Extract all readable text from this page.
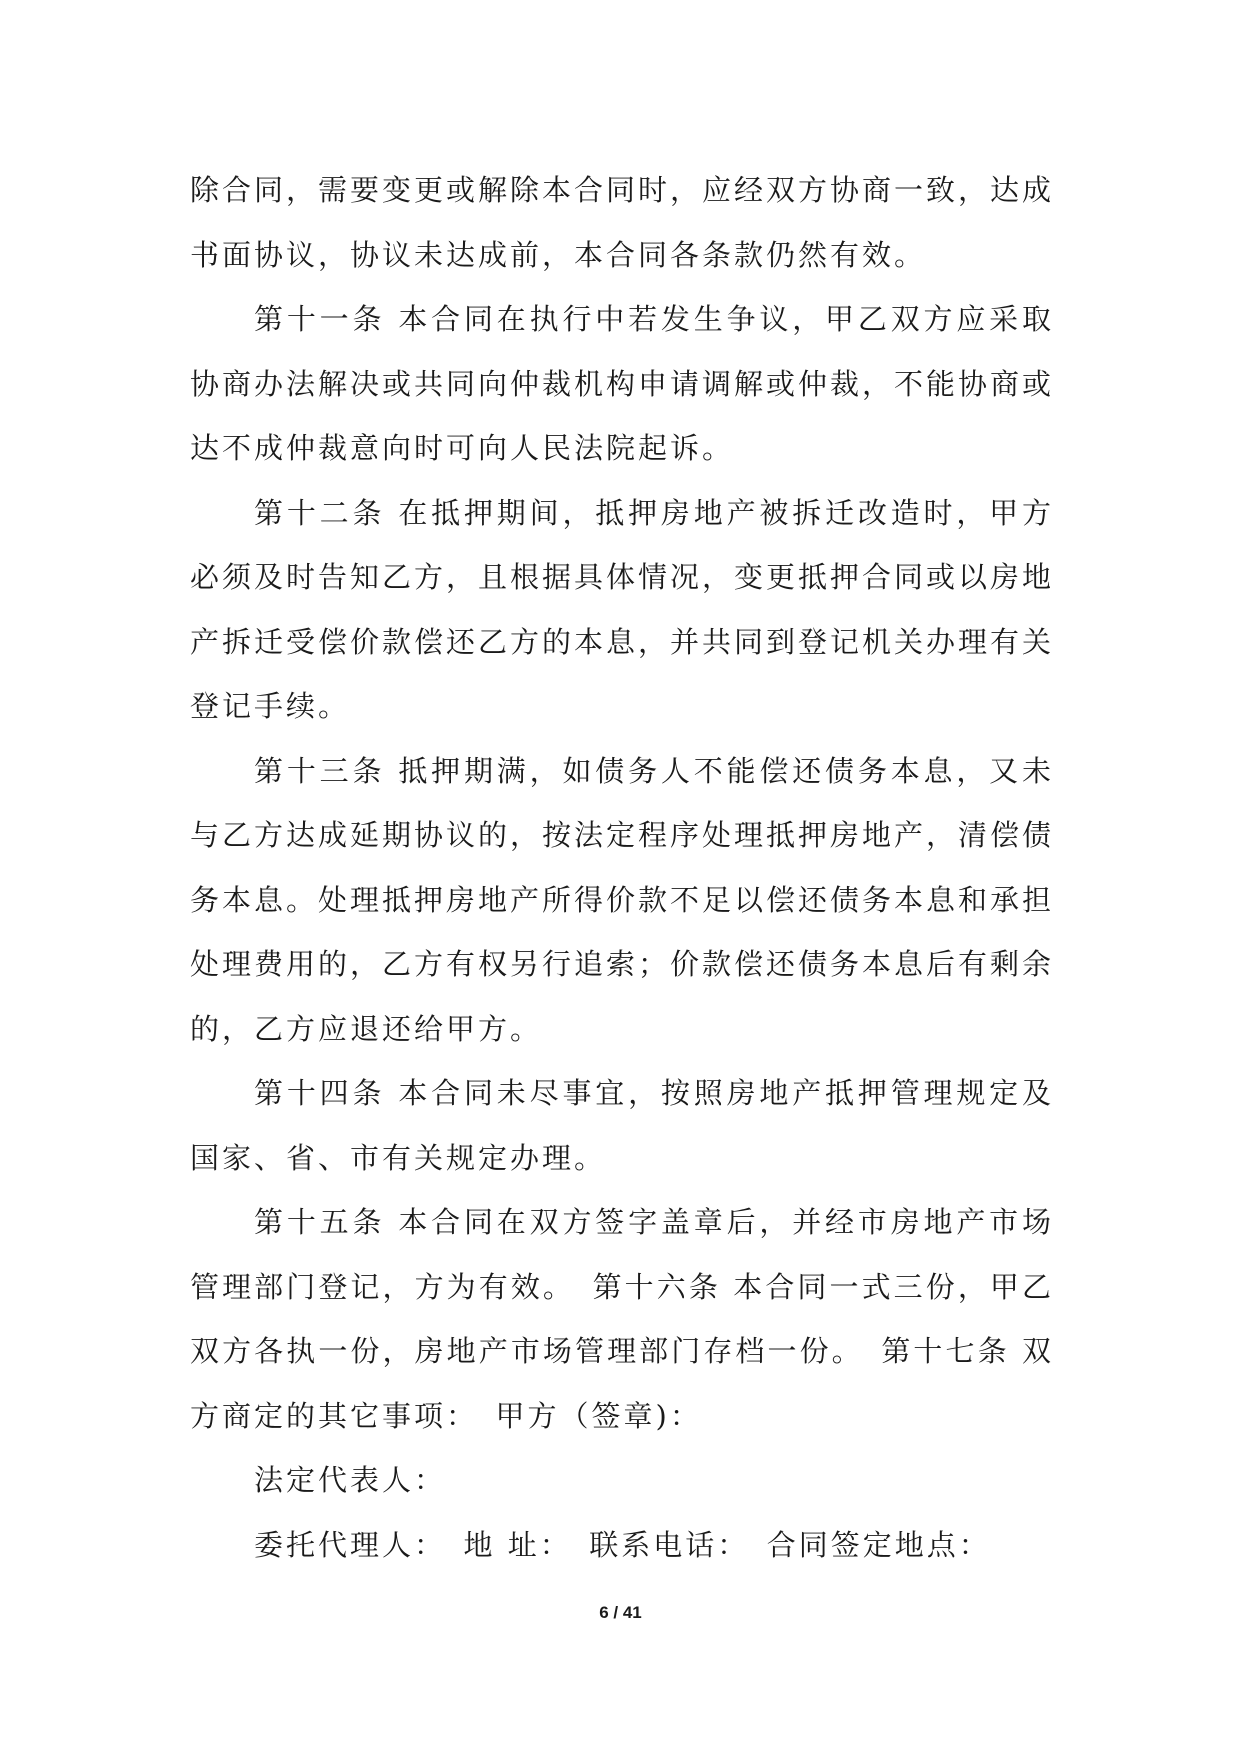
除合同，需要变更或解除本合同时，应经双方协商一致，达成书面协议，协议未达成前，本合同各条款仍然有效。

第十一条 本合同在执行中若发生争议，甲乙双方应采取协商办法解决或共同向仲裁机构申请调解或仲裁，不能协商或达不成仲裁意向时可向人民法院起诉。

第十二条 在抵押期间，抵押房地产被拆迁改造时，甲方必须及时告知乙方，且根据具体情况，变更抵押合同或以房地产拆迁受偿价款偿还乙方的本息，并共同到登记机关办理有关登记手续。

第十三条 抵押期满，如债务人不能偿还债务本息，又未与乙方达成延期协议的，按法定程序处理抵押房地产，清偿债务本息。处理抵押房地产所得价款不足以偿还债务本息和承担处理费用的，乙方有权另行追索；价款偿还债务本息后有剩余的，乙方应退还给甲方。

第十四条 本合同未尽事宜，按照房地产抵押管理规定及国家、省、市有关规定办理。

第十五条 本合同在双方签字盖章后，并经市房地产市场管理部门登记，方为有效。　第十六条 本合同一式三份，甲乙双方各执一份，房地产市场管理部门存档一份。　第十七条 双方商定的其它事项：　甲方（签章)：

法定代表人：

委托代理人：　地 址：　联系电话：　合同签定地点：

6 / 41
